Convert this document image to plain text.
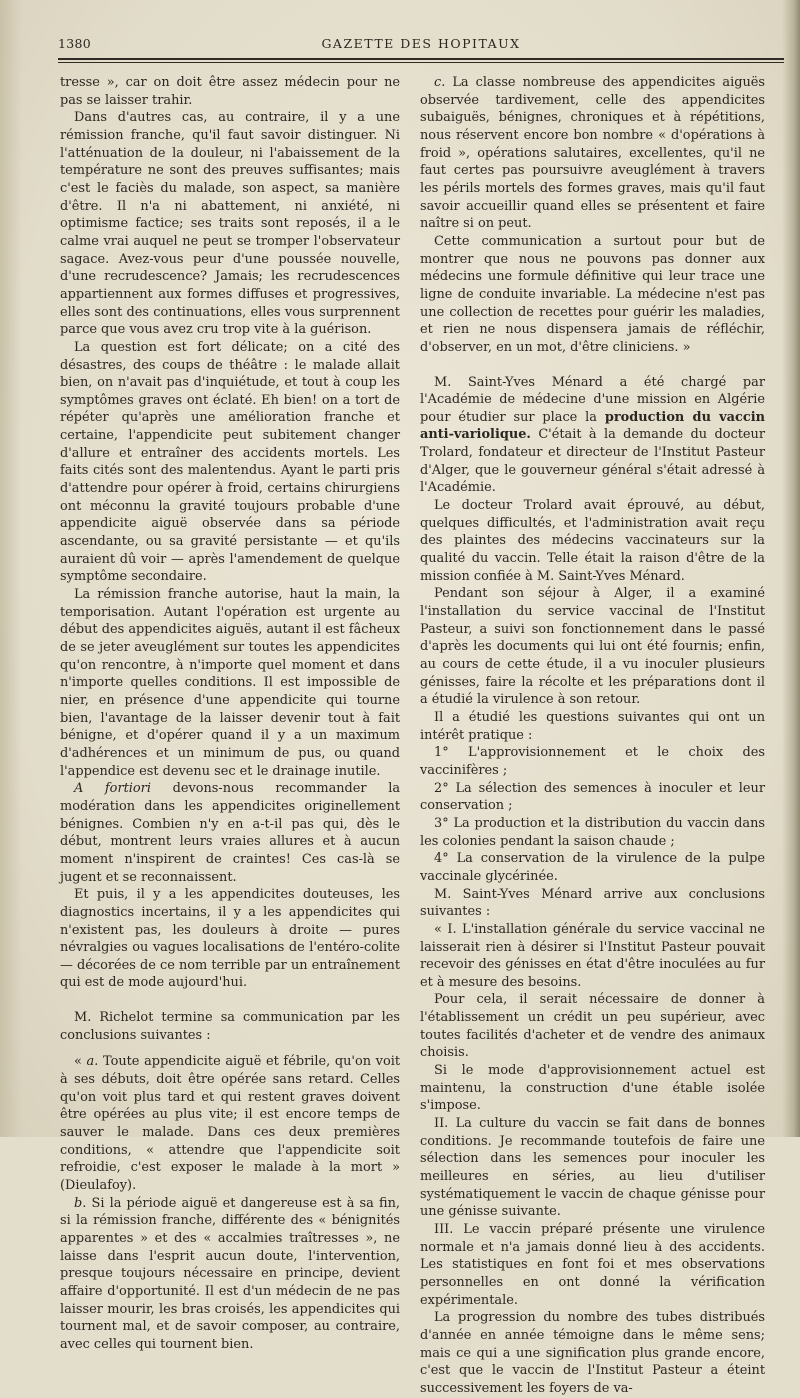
1380	GAZETTE DES HOPITAUX

tresse », car on doit être assez médecin pour ne pas se laisser trahir.

Dans d'autres cas, au contraire, il y a une rémission franche, qu'il faut savoir distinguer. Ni l'atténuation de la douleur, ni l'abaissement de la température ne sont des preuves suffisantes; mais c'est le faciès du malade, son aspect, sa manière d'être. Il n'a ni abattement, ni anxiété, ni optimisme factice; ses traits sont reposés, il a le calme vrai auquel ne peut se tromper l'observateur sagace. Avez-vous peur d'une poussée nouvelle, d'une recrudescence? Jamais; les recrudescences appartiennent aux formes diffuses et progressives, elles sont des continuations, elles vous surprennent parce que vous avez cru trop vite à la guérison.

La question est fort délicate; on a cité des désastres, des coups de théâtre : le malade allait bien, on n'avait pas d'inquiétude, et tout à coup les symptômes graves ont éclaté. Eh bien! on a tort de répéter qu'après une amélioration franche et certaine, l'appendicite peut subitement changer d'allure et entraîner des accidents mortels. Les faits cités sont des malentendus. Ayant le parti pris d'attendre pour opérer à froid, certains chirurgiens ont méconnu la gravité toujours probable d'une appendicite aiguë observée dans sa période ascendante, ou sa gravité persistante — et qu'ils auraient dû voir — après l'amendement de quelque symptôme secondaire.

La rémission franche autorise, haut la main, la temporisation. Autant l'opération est urgente au début des appendicites aiguës, autant il est fâcheux de se jeter aveuglément sur toutes les appendicites qu'on rencontre, à n'importe quel moment et dans n'importe quelles conditions. Il est impossible de nier, en présence d'une appendicite qui tourne bien, l'avantage de la laisser devenir tout à fait bénigne, et d'opérer quand il y a un maximum d'adhérences et un minimum de pus, ou quand l'appendice est devenu sec et le drainage inutile.

A fortiori devons-nous recommander la modération dans les appendicites originellement bénignes. Combien n'y en a-t-il pas qui, dès le début, montrent leurs vraies allures et à aucun moment n'inspirent de craintes! Ces cas-là se jugent et se reconnaissent.

Et puis, il y a les appendicites douteuses, les diagnostics incertains, il y a les appendicites qui n'existent pas, les douleurs à droite — pures névralgies ou vagues localisations de l'entéro-colite — décorées de ce nom terrible par un entraînement qui est de mode aujourd'hui.

M. Richelot termine sa communication par les conclusions suivantes :

« a. Toute appendicite aiguë et fébrile, qu'on voit à ses débuts, doit être opérée sans retard. Celles qu'on voit plus tard et qui restent graves doivent être opérées au plus vite; il est encore temps de sauver le malade. Dans ces deux premières conditions, « attendre que l'appendicite soit refroidie, c'est exposer le malade à la mort » (Dieulafoy).

b. Si la période aiguë et dangereuse est à sa fin, si la rémission franche, différente des « bénignités apparentes » et des « accalmies traîtresses », ne laisse dans l'esprit aucun doute, l'intervention, presque toujours nécessaire en principe, devient affaire d'opportunité. Il est d'un médecin de ne pas laisser mourir, les bras croisés, les appendicites qui tournent mal, et de savoir composer, au contraire, avec celles qui tournent bien.

c. La classe nombreuse des appendicites aiguës observée tardivement, celle des appendicites subaiguës, bénignes, chroniques et à répétitions, nous réservent encore bon nombre « d'opérations à froid », opérations salutaires, excellentes, qu'il ne faut certes pas poursuivre aveuglément à travers les périls mortels des formes graves, mais qu'il faut savoir accueillir quand elles se présentent et faire naître si on peut.

Cette communication a surtout pour but de montrer que nous ne pouvons pas donner aux médecins une formule définitive qui leur trace une ligne de conduite invariable. La médecine n'est pas une collection de recettes pour guérir les maladies, et rien ne nous dispensera jamais de réfléchir, d'observer, en un mot, d'être cliniciens. »

M. Saint-Yves Ménard a été chargé par l'Académie de médecine d'une mission en Algérie pour étudier sur place la production du vaccin anti-variolique. C'était à la demande du docteur Trolard, fondateur et directeur de l'Institut Pasteur d'Alger, que le gouverneur général s'était adressé à l'Académie.

Le docteur Trolard avait éprouvé, au début, quelques difficultés, et l'administration avait reçu des plaintes des médecins vaccinateurs sur la qualité du vaccin. Telle était la raison d'être de la mission confiée à M. Saint-Yves Ménard.

Pendant son séjour à Alger, il a examiné l'installation du service vaccinal de l'Institut Pasteur, a suivi son fonctionnement dans le passé d'après les documents qui lui ont été fournis; enfin, au cours de cette étude, il a vu inoculer plusieurs génisses, faire la récolte et les préparations dont il a étudié la virulence à son retour.

Il a étudié les questions suivantes qui ont un intérêt pratique :

1° L'approvisionnement et le choix des vaccinifères ;

2° La sélection des semences à inoculer et leur conservation ;

3° La production et la distribution du vaccin dans les colonies pendant la saison chaude ;

4° La conservation de la virulence de la pulpe vaccinale glycérinée.

M. Saint-Yves Ménard arrive aux conclusions suivantes :

« I. L'installation générale du service vaccinal ne laisserait rien à désirer si l'Institut Pasteur pouvait recevoir des génisses en état d'être inoculées au fur et à mesure des besoins.

Pour cela, il serait nécessaire de donner à l'établissement un crédit un peu supérieur, avec toutes facilités d'acheter et de vendre des animaux choisis.

Si le mode d'approvisionnement actuel est maintenu, la construction d'une étable isolée s'impose.

II. La culture du vaccin se fait dans de bonnes conditions. Je recommande toutefois de faire une sélection dans les semences pour inoculer les meilleures en séries, au lieu d'utiliser systématiquement le vaccin de chaque génisse pour une génisse suivante.

III. Le vaccin préparé présente une virulence normale et n'a jamais donné lieu à des accidents. Les statistiques en font foi et mes observations personnelles en ont donné la vérification expérimentale.

La progression du nombre des tubes distribués d'année en année témoigne dans le même sens; mais ce qui a une signification plus grande encore, c'est que le vaccin de l'Institut Pasteur a éteint successivement les foyers de va-
